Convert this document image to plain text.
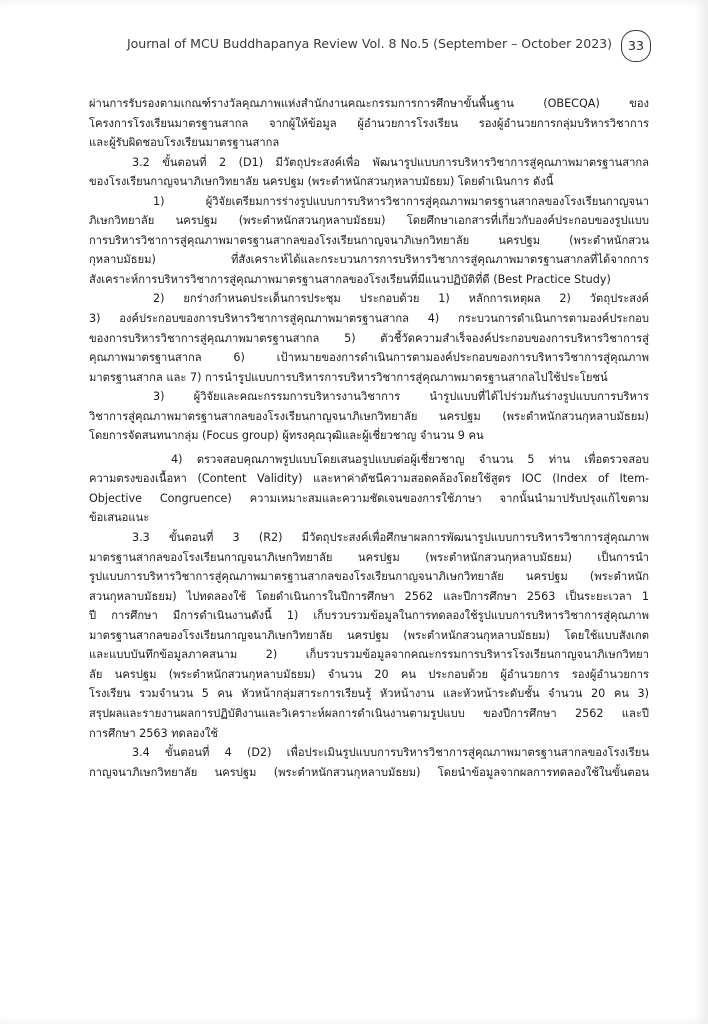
Journal of MCU Buddhapanya Review Vol. 8 No.5 (September – October 2023)	33
ผ่านการรับรองตามเกณฑ์รางวัลคุณภาพแห่งสำนักงานคณะกรรมการการศึกษาขั้นพื้นฐาน (OBECQA) ของ
โครงการโรงเรียนมาตรฐานสากล จากผู้ให้ข้อมูล ผู้อำนวยการโรงเรียน รองผู้อำนวยการกลุ่มบริหารวิชาการ
และผู้รับผิดชอบโรงเรียนมาตรฐานสากล
3.2 ขั้นตอนที่ 2 (D1) มีวัตถุประสงค์เพื่อ พัฒนารูปแบบการบริหารวิชาการสู่คุณภาพมาตรฐานสากล
ของโรงเรียนกาญจนาภิเษกวิทยาลัย นครปฐม (พระตำหนักสวนกุหลาบมัธยม) โดยดำเนินการ ดังนี้
1) ผู้วิจัยเตรียมการร่างรูปแบบการบริหารวิชาการสู่คุณภาพมาตรฐานสากลของโรงเรียนกาญจนา
ภิเษกวิทยาลัย นครปฐม (พระตำหนักสวนกุหลาบมัธยม) โดยศึกษาเอกสารที่เกี่ยวกับองค์ประกอบของรูปแบบ
การบริหารวิชาการสู่คุณภาพมาตรฐานสากลของโรงเรียนกาญจนาภิเษกวิทยาลัย นครปฐม (พระตำหนักสวน
กุหลาบมัธยม) ที่สังเคราะห์ได้และกระบวนการการบริหารวิชาการสู่คุณภาพมาตรฐานสากลที่ได้จากการ
สังเคราะห์การบริหารวิชาการสู่คุณภาพมาตรฐานสากลของโรงเรียนที่มีแนวปฏิบัติที่ดี (Best Practice Study)
2) ยกร่างกำหนดประเด็นการประชุม ประกอบด้วย 1) หลักการเหตุผล 2) วัตถุประสงค์
3) องค์ประกอบของการบริหารวิชาการสู่คุณภาพมาตรฐานสากล 4) กระบวนการดำเนินการตามองค์ประกอบ
ของการบริหารวิชาการสู่คุณภาพมาตรฐานสากล 5) ตัวชี้วัดความสำเร็จองค์ประกอบของการบริหารวิชาการสู่
คุณภาพมาตรฐานสากล 6) เป้าหมายของการดำเนินการตามองค์ประกอบของการบริหารวิชาการสู่คุณภาพ
มาตรฐานสากล และ 7) การนำรูปแบบการบริหารการบริหารวิชาการสู่คุณภาพมาตรฐานสากลไปใช้ประโยชน์
3) ผู้วิจัยและคณะกรรมการบริหารงานวิชาการ นำรูปแบบที่ได้ไปร่วมกันร่างรูปแบบการบริหาร
วิชาการสู่คุณภาพมาตรฐานสากลของโรงเรียนกาญจนาภิเษกวิทยาลัย นครปฐม (พระตำหนักสวนกุหลาบมัธยม)
โดยการจัดสนทนากลุ่ม (Focus group) ผู้ทรงคุณวุฒิและผู้เชี่ยวชาญ จำนวน 9 คน
4) ตรวจสอบคุณภาพรูปแบบโดยเสนอรูปแบบต่อผู้เชี่ยวชาญ จำนวน 5 ท่าน เพื่อตรวจสอบ
ความตรงของเนื้อหา (Content Validity) และหาค่าดัชนีความสอดคล้องโดยใช้สูตร IOC (Index of Item-
Objective Congruence) ความเหมาะสมและความชัดเจนของการใช้ภาษา จากนั้นนำมาปรับปรุงแก้ไขตาม
ข้อเสนอแนะ
3.3 ขั้นตอนที่ 3 (R2) มีวัตถุประสงค์เพื่อศึกษาผลการพัฒนารูปแบบการบริหารวิชาการสู่คุณภาพ
มาตรฐานสากลของโรงเรียนกาญจนาภิเษกวิทยาลัย นครปฐม (พระตำหนักสวนกุหลาบมัธยม) เป็นการนำ
รูปแบบการบริหารวิชาการสู่คุณภาพมาตรฐานสากลของโรงเรียนกาญจนาภิเษกวิทยาลัย นครปฐม (พระตำหนัก
สวนกุหลาบมัธยม) ไปทดลองใช้ โดยดำเนินการในปีการศึกษา 2562 และปีการศึกษา 2563 เป็นระยะเวลา 1
ปี การศึกษา มีการดำเนินงานดังนี้ 1) เก็บรวบรวมข้อมูลในการทดลองใช้รูปแบบการบริหารวิชาการสู่คุณภาพ
มาตรฐานสากลของโรงเรียนกาญจนาภิเษกวิทยาลัย นครปฐม (พระตำหนักสวนกุหลาบมัธยม) โดยใช้แบบสังเกต
และแบบบันทึกข้อมูลภาคสนาม 2) เก็บรวบรวมข้อมูลจากคณะกรรมการบริหารโรงเรียนกาญจนาภิเษกวิทยา
ลัย นครปฐม (พระตำหนักสวนกุหลาบมัธยม) จำนวน 20 คน ประกอบด้วย ผู้อำนวยการ รองผู้อำนวยการ
โรงเรียน รวมจำนวน 5 คน หัวหน้ากลุ่มสาระการเรียนรู้ หัวหน้างาน และหัวหน้าระดับชั้น จำนวน 20 คน 3)
สรุปผลและรายงานผลการปฏิบัติงานและวิเคราะห์ผลการดำเนินงานตามรูปแบบ ของปีการศึกษา 2562 และปี
การศึกษา 2563 ทดลองใช้
3.4 ขั้นตอนที่ 4 (D2) เพื่อประเมินรูปแบบการบริหารวิชาการสู่คุณภาพมาตรฐานสากลของโรงเรียน
กาญจนาภิเษกวิทยาลัย นครปฐม (พระตำหนักสวนกุหลาบมัธยม) โดยนำข้อมูลจากผลการทดลองใช้ในขั้นตอน
